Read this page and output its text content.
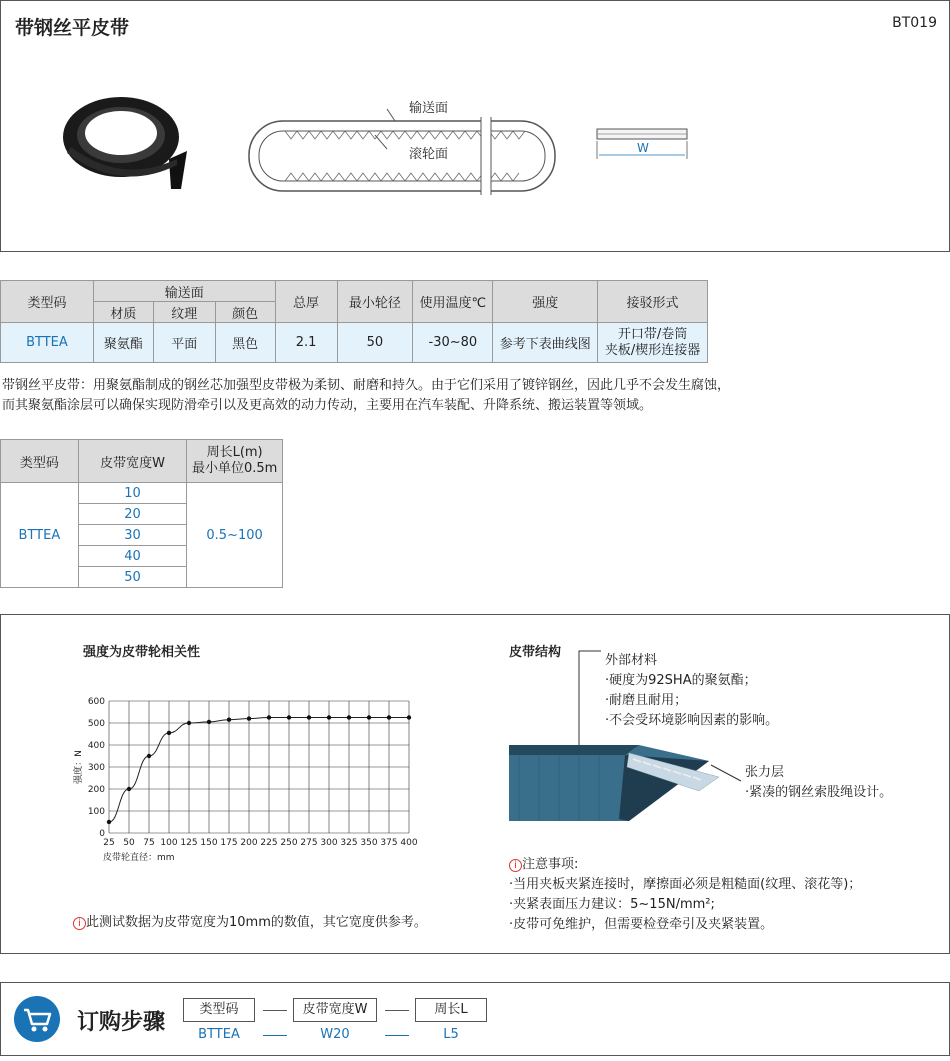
带钢丝平皮带	BT019
输送面
滚轮面	W
类型码	输送面			总厚	最小轮径	使用温度℃	强度	接驳形式
	材质	纹理	颜色					
BTTEA	聚氨酯	平面	黑色	2.1	50	-30~80	参考下表曲线图	开口带/卷筒
夹板/楔形连接器
带钢丝平皮带：用聚氨酯制成的钢丝芯加强型皮带极为柔韧、耐磨和持久。由于它们采用了镀锌钢丝，因此几乎不会发生腐蚀，
而其聚氨酯涂层可以确保实现防滑牵引以及更高效的动力传动，主要用在汽车装配、升降系统、搬运装置等领域。
类型码	皮带宽度W	周长L(m)
最小单位0.5m

BTTEA	10	0.5~100
	20	
	30	
	40	
	50	
强度为皮带轮相关性
0
100
200
300
400
500
600
25 50 75 100 125 150 175 200 225 250 275 300 325 350 375 400
强度：N
皮带轮直径：mm
i 此测试数据为皮带宽度为10mm的数值，其它宽度供参考。
皮带结构
外部材料
·硬度为92SHA的聚氨酯；
·耐磨且耐用；
·不会受环境影响因素的影响。
张力层
·紧凑的钢丝索股绳设计。
i 注意事项:
·当用夹板夹紧连接时，摩擦面必须是粗糙面(纹理、滚花等)；
·夹紧表面压力建议：5~15N/mm²;
·皮带可免维护，但需要检登牵引及夹紧装置。
订购步骤
类型码	皮带宽度W	周长L
BTTEA	W20	L5
